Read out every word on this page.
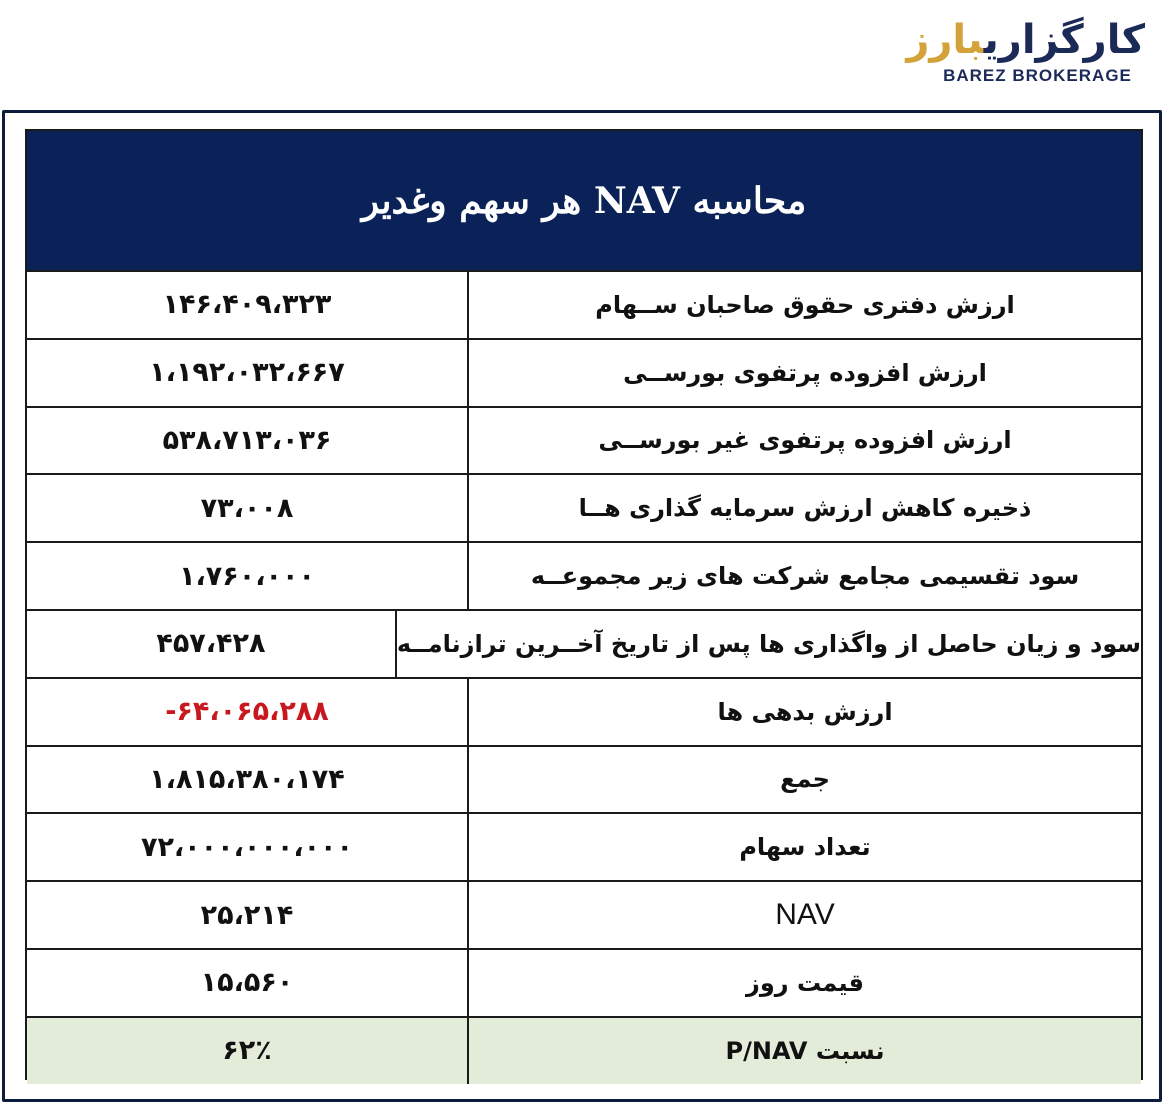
کارگزاریبارز
BAREZ BROKERAGE
محاسبه NAV هر سهم وغدیر
۱۴۶،۴۰۹،۳۲۳	ارزش دفتری حقوق صاحبان ســهام
۱،۱۹۲،۰۳۲،۶۶۷	ارزش افزوده پرتفوی بورســی
۵۳۸،۷۱۳،۰۳۶	ارزش افزوده پرتفوی غیر بورســی
۷۳،۰۰۸	ذخیره کاهش ارزش سرمایه گذاری هــا
۱،۷۶۰،۰۰۰	سود تقسیمی مجامع شرکت های زیر مجموعــه
۴۵۷،۴۲۸	سود و زیان حاصل از واگذاری ها پس از تاریخ آخــرین ترازنامــه
-۶۴،۰۶۵،۲۸۸	ارزش بدهی ها
۱،۸۱۵،۳۸۰،۱۷۴	جمع
۷۲،۰۰۰،۰۰۰،۰۰۰	تعداد سهام
۲۵،۲۱۴	NAV
۱۵،۵۶۰	قیمت روز
۶۲٪	نسبت P/NAV
